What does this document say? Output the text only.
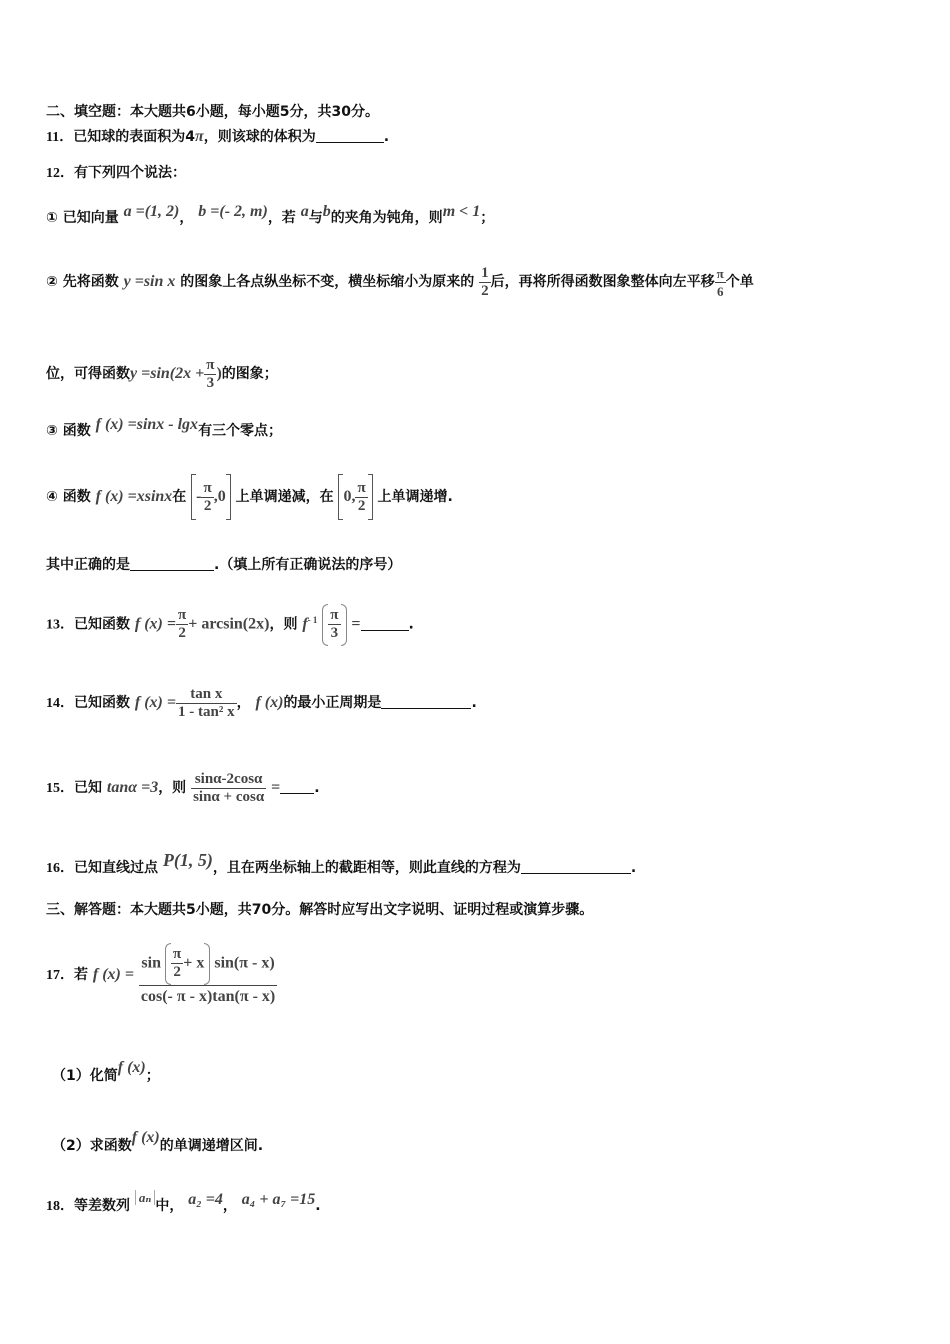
二、填空题：本大题共6小题，每小题5分，共30分。
11．已知球的表面积为4π，则该球的体积为	.
12．有下列四个说法：
① 已知向量 a =(1, 2)， b =(- 2, m)，若 a与b的夹角为钝角，则m < 1；
② 先将函数 y =sin x 的图象上各点纵坐标不变，横坐标缩小为原来的 $\frac{1}{2}$ 后，再将所得函数图象整体向左平移 $\frac{\pi}{6}$ 个单
位，可得函数$y =\sin(2x + \frac{\pi}{3}$ )的图象；
③ 函数 f (x) =sinx - lgx有三个零点；
④ 函数 f (x) =xsinx在 - $\frac{\pi}{2} ,0$ 上单调递减，在 0, $\frac{\pi}{2}$ 上单调递增.
其中正确的是	.（填上所有正确说法的序号）
13．已知函数 f $(x) = \frac{\pi}{2} + \arcsin(2x)$，则 $f^{- 1} \frac{\pi}{3}$ =	.
14．已知函数 f $(x) = \frac{\text{tan x}}{\text{1 - tan² x}}$ ， f (x)的最小正周期是	.
15．已知 tanα =3，则 $\frac{\sin\alpha-2\cos\alpha}{\sin\alpha + \cos\alpha}$ = .
16．已知直线过点 P(1, 5)，且在两坐标轴上的截距相等，则此直线的方程为	.
三、解答题：本大题共5小题，共70分。解答时应写出文字说明、证明过程或演算步骤。
17．若 f $(x) = \frac{\sin \frac{\pi}{2} + x \sin(\pi - x)}{\cos(- \pi - x)\tan(\pi - x)}$
（1）化简f (x)；
（2）求函数f (x)的单调递增区间.
18．等差数列 aₙ中， a₂ =4， a₄ + a₇ =15.
